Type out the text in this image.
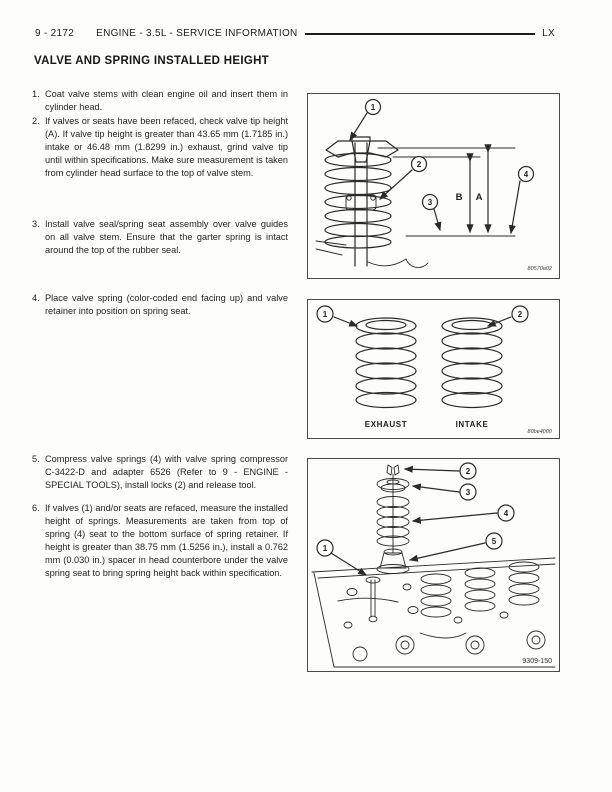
9 - 2172 ENGINE - 3.5L - SERVICE INFORMATION	LX
VALVE AND SPRING INSTALLED HEIGHT
1. Coat valve stems with clean engine oil and insert them in cylinder head.
2. If valves or seats have been refaced, check valve tip height (A). If valve tip height is greater than 43.65 mm (1.7185 in.) intake or 46.48 mm (1.8299 in.) exhaust, grind valve tip until within specifications. Make sure measurement is taken from cylinder head surface to the top of valve stem.
3. Install valve seal/spring seat assembly over valve guides on all valve stem. Ensure that the garter spring is intact around the top of the rubber seal.
4. Place valve spring (color-coded end facing up) and valve retainer into position on spring seat.
5. Compress valve springs (4) with valve spring compressor C-3422-D and adapter 6526 (Refer to 9 - ENGINE - SPECIAL TOOLS), install locks (2) and release tool.
6. If valves (1) and/or seats are refaced, measure the installed height of springs. Measurements are taken from top of spring (4) seat to the bottom surface of spring retainer. If height is greater than 38.75 mm (1.5256 in.), install a 0.762 mm (0.030 in.) spacer in head counterbore under the valve spring seat to bring spring height back within specification.
B A
1
2
3
4
80570a02
1	2
EXHAUST	INTAKE
80be4000
1
2
3
4
5
9309-150
